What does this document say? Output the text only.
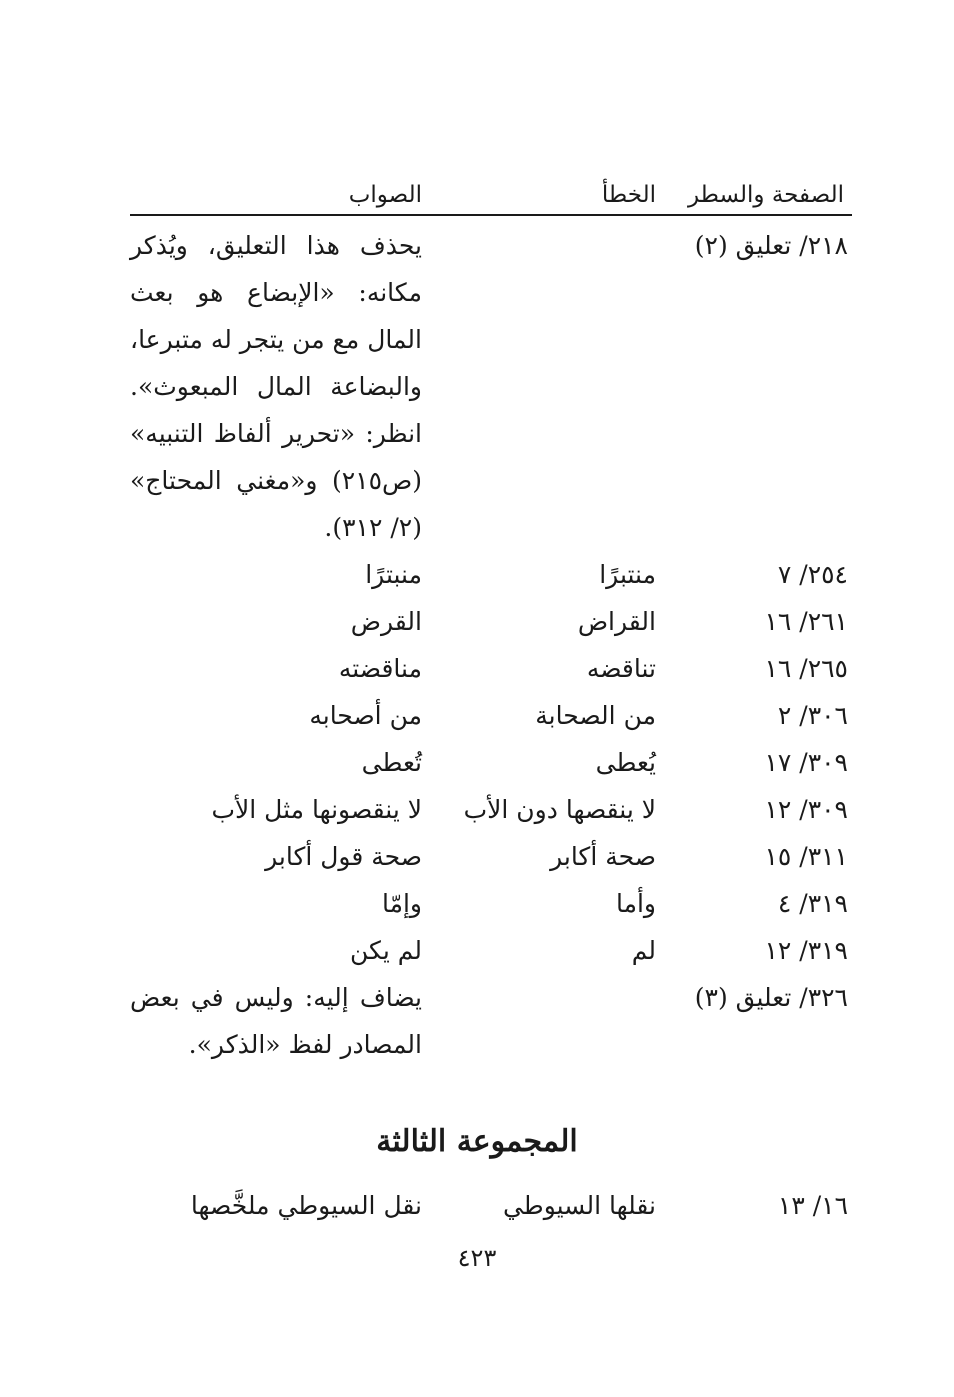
الصفحة والسطر
الخطأ
الصواب
٢١٨/ تعليق (٢)
يحذف هذا التعليق، ويُذكر مكانه: «الإبضاع هو بعث المال مع من يتجر له متبرعا، والبضاعة المال المبعوث». انظر: «تحرير ألفاظ التنبيه» (ص٢١٥) و«مغني المحتاج» (٢/ ٣١٢).
٢٥٤/ ٧
منتبرًا
منبترًا
٢٦١/ ١٦
القراض
القرض
٢٦٥/ ١٦
تناقضه
مناقضته
٣٠٦/ ٢
من الصحابة
من أصحابه
٣٠٩/ ١٧
يُعطى
تُعطى
٣٠٩/ ١٢
لا ينقصها دون الأب
لا ينقصونها مثل الأب
٣١١/ ١٥
صحة أكابر
صحة قول أكابر
٣١٩/ ٤
وأما
وإمّا
٣١٩/ ١٢
لم
لم يكن
٣٢٦/ تعليق (٣)
يضاف إليه: وليس في بعض المصادر لفظ «الذكر».
المجموعة الثالثة
١٦/ ١٣
نقلها السيوطي
نقل السيوطي ملخَّصها
٤٢٣
